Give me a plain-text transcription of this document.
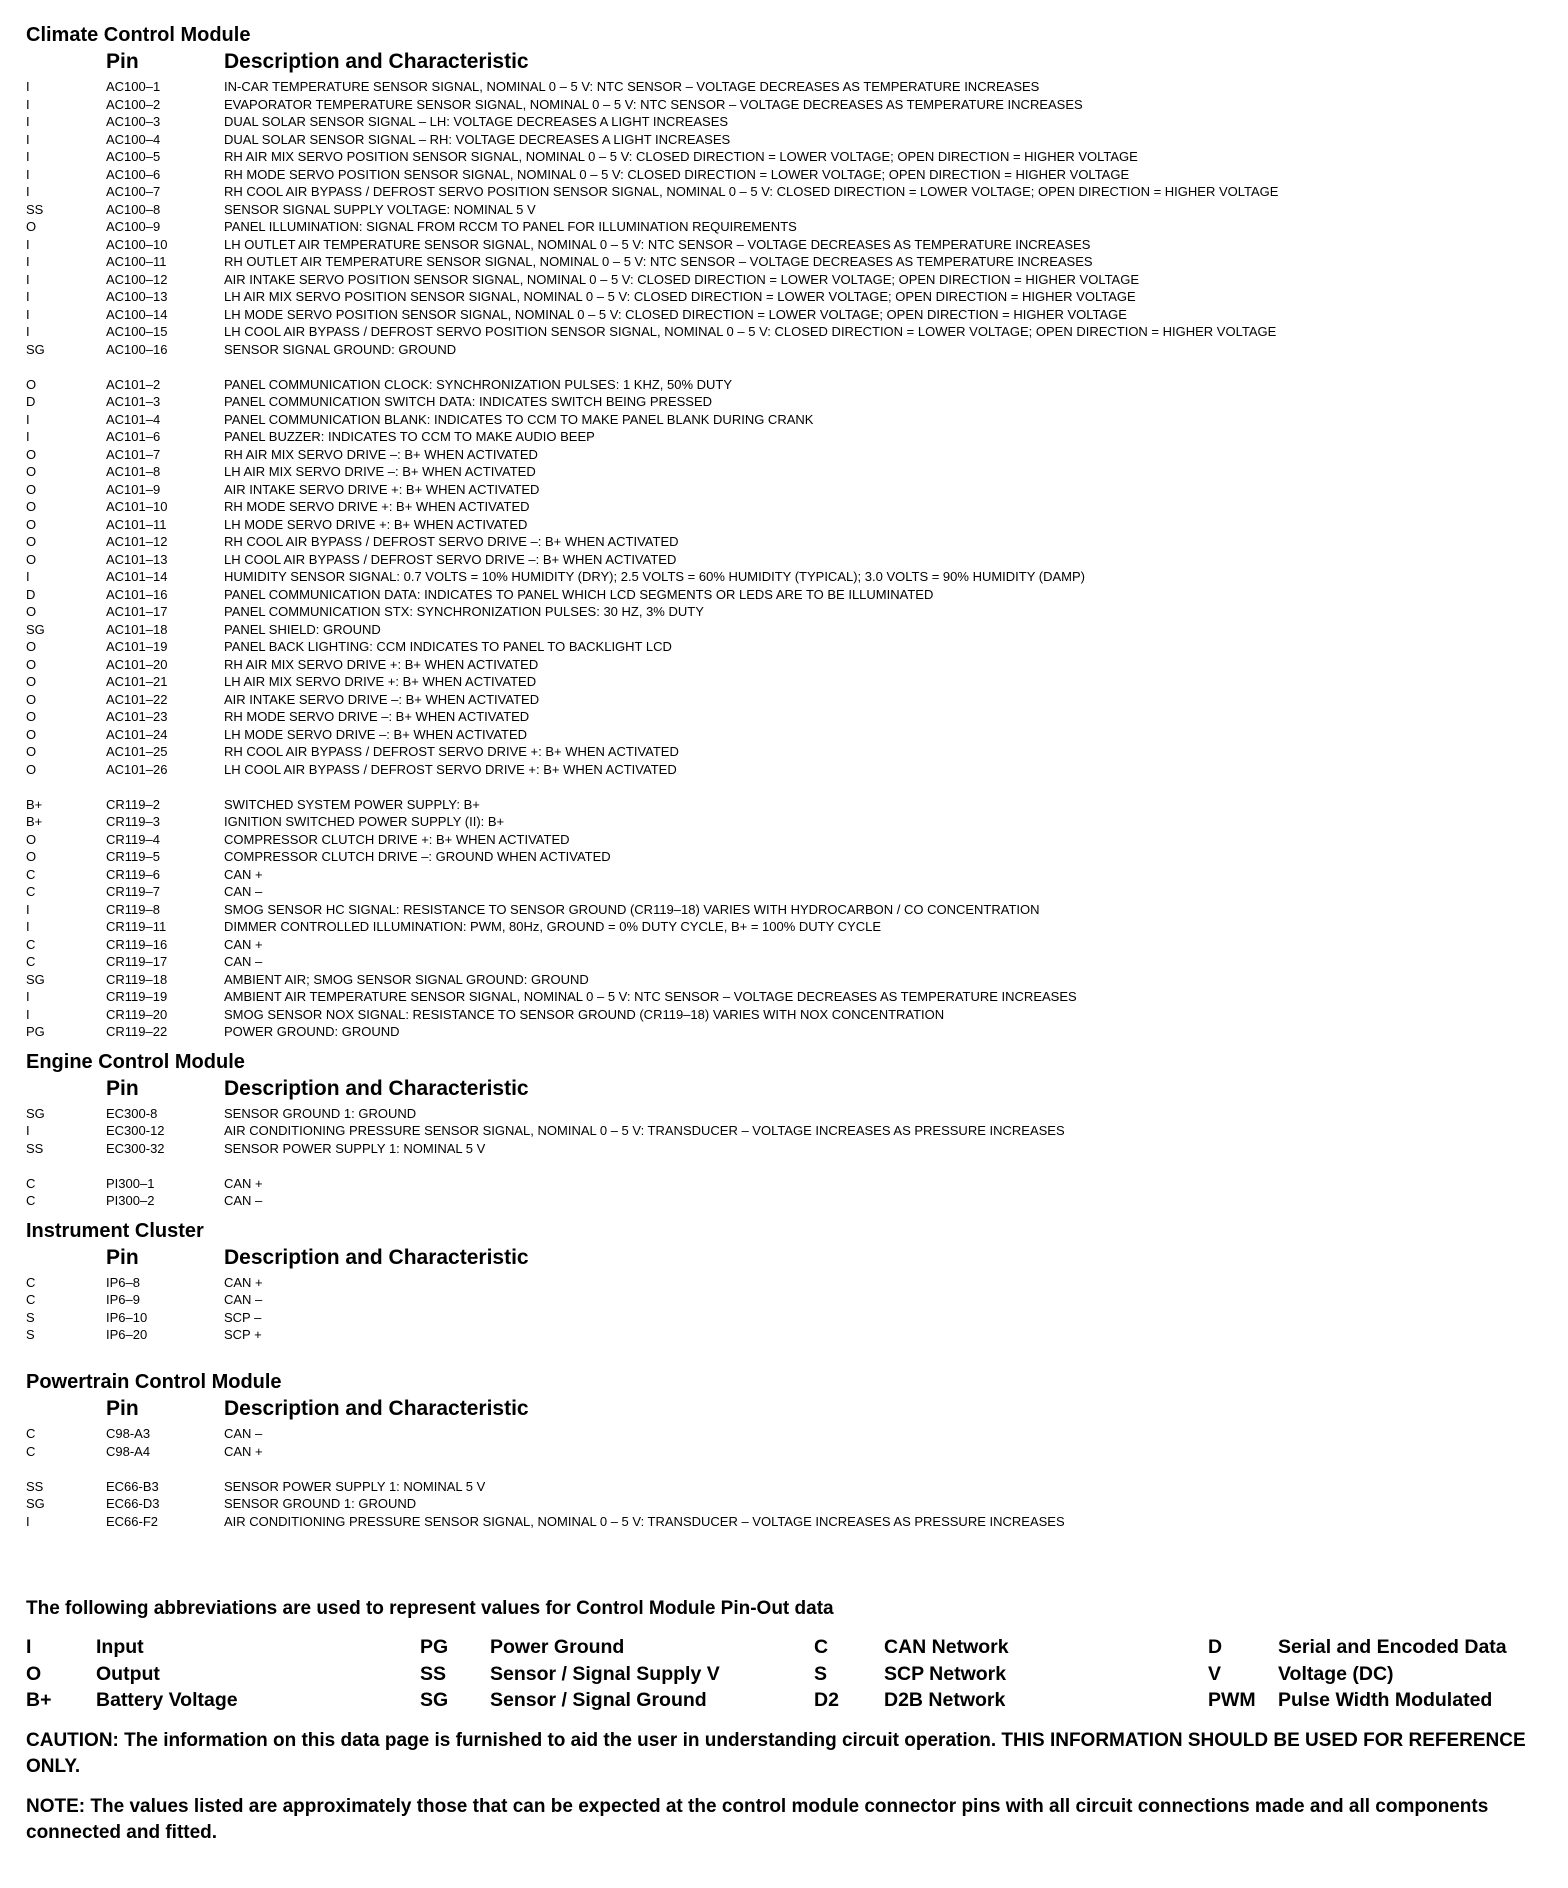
Climate Control Module
Pin	Description and Characteristic
I	AC100–1	IN-CAR TEMPERATURE SENSOR SIGNAL, NOMINAL 0 – 5 V: NTC SENSOR – VOLTAGE DECREASES AS TEMPERATURE INCREASES
I	AC100–2	EVAPORATOR TEMPERATURE SENSOR SIGNAL, NOMINAL 0 – 5 V: NTC SENSOR – VOLTAGE DECREASES AS TEMPERATURE INCREASES
I	AC100–3	DUAL SOLAR SENSOR SIGNAL – LH: VOLTAGE DECREASES A LIGHT INCREASES
I	AC100–4	DUAL SOLAR SENSOR SIGNAL – RH: VOLTAGE DECREASES A LIGHT INCREASES
I	AC100–5	RH AIR MIX SERVO POSITION SENSOR SIGNAL, NOMINAL 0 – 5 V: CLOSED DIRECTION = LOWER VOLTAGE; OPEN DIRECTION = HIGHER VOLTAGE
I	AC100–6	RH MODE SERVO POSITION SENSOR SIGNAL, NOMINAL 0 – 5 V: CLOSED DIRECTION = LOWER VOLTAGE; OPEN DIRECTION = HIGHER VOLTAGE
I	AC100–7	RH COOL AIR BYPASS / DEFROST SERVO POSITION SENSOR SIGNAL, NOMINAL 0 – 5 V: CLOSED DIRECTION = LOWER VOLTAGE; OPEN DIRECTION = HIGHER VOLTAGE
SS	AC100–8	SENSOR SIGNAL SUPPLY VOLTAGE: NOMINAL 5 V
O	AC100–9	PANEL ILLUMINATION: SIGNAL FROM RCCM TO PANEL FOR ILLUMINATION REQUIREMENTS
I	AC100–10	LH OUTLET AIR TEMPERATURE SENSOR SIGNAL, NOMINAL 0 – 5 V: NTC SENSOR – VOLTAGE DECREASES AS TEMPERATURE INCREASES
I	AC100–11	RH OUTLET AIR TEMPERATURE SENSOR SIGNAL, NOMINAL 0 – 5 V: NTC SENSOR – VOLTAGE DECREASES AS TEMPERATURE INCREASES
I	AC100–12	AIR INTAKE SERVO POSITION SENSOR SIGNAL, NOMINAL 0 – 5 V: CLOSED DIRECTION = LOWER VOLTAGE; OPEN DIRECTION = HIGHER VOLTAGE
I	AC100–13	LH AIR MIX SERVO POSITION SENSOR SIGNAL, NOMINAL 0 – 5 V: CLOSED DIRECTION = LOWER VOLTAGE; OPEN DIRECTION = HIGHER VOLTAGE
I	AC100–14	LH MODE SERVO POSITION SENSOR SIGNAL, NOMINAL 0 – 5 V: CLOSED DIRECTION = LOWER VOLTAGE; OPEN DIRECTION = HIGHER VOLTAGE
I	AC100–15	LH COOL AIR BYPASS / DEFROST SERVO POSITION SENSOR SIGNAL, NOMINAL 0 – 5 V: CLOSED DIRECTION = LOWER VOLTAGE; OPEN DIRECTION = HIGHER VOLTAGE
SG	AC100–16	SENSOR SIGNAL GROUND: GROUND
O	AC101–2	PANEL COMMUNICATION CLOCK: SYNCHRONIZATION PULSES: 1 KHZ, 50% DUTY
D	AC101–3	PANEL COMMUNICATION SWITCH DATA: INDICATES SWITCH BEING PRESSED
I	AC101–4	PANEL COMMUNICATION BLANK: INDICATES TO CCM TO MAKE PANEL BLANK DURING CRANK
I	AC101–6	PANEL BUZZER: INDICATES TO CCM TO MAKE AUDIO BEEP
O	AC101–7	RH AIR MIX SERVO DRIVE –: B+ WHEN ACTIVATED
O	AC101–8	LH AIR MIX SERVO DRIVE –: B+ WHEN ACTIVATED
O	AC101–9	AIR INTAKE SERVO DRIVE +: B+ WHEN ACTIVATED
O	AC101–10	RH MODE SERVO DRIVE +: B+ WHEN ACTIVATED
O	AC101–11	LH MODE SERVO DRIVE +: B+ WHEN ACTIVATED
O	AC101–12	RH COOL AIR BYPASS / DEFROST SERVO DRIVE –: B+ WHEN ACTIVATED
O	AC101–13	LH COOL AIR BYPASS / DEFROST SERVO DRIVE –: B+ WHEN ACTIVATED
I	AC101–14	HUMIDITY SENSOR SIGNAL: 0.7 VOLTS = 10% HUMIDITY (DRY); 2.5 VOLTS = 60% HUMIDITY (TYPICAL); 3.0 VOLTS = 90% HUMIDITY (DAMP)
D	AC101–16	PANEL COMMUNICATION DATA: INDICATES TO PANEL WHICH LCD SEGMENTS OR LEDS ARE TO BE ILLUMINATED
O	AC101–17	PANEL COMMUNICATION STX: SYNCHRONIZATION PULSES: 30 HZ, 3% DUTY
SG	AC101–18	PANEL SHIELD: GROUND
O	AC101–19	PANEL BACK LIGHTING: CCM INDICATES TO PANEL TO BACKLIGHT LCD
O	AC101–20	RH AIR MIX SERVO DRIVE +: B+ WHEN ACTIVATED
O	AC101–21	LH AIR MIX SERVO DRIVE +: B+ WHEN ACTIVATED
O	AC101–22	AIR INTAKE SERVO DRIVE –: B+ WHEN ACTIVATED
O	AC101–23	RH MODE SERVO DRIVE –: B+ WHEN ACTIVATED
O	AC101–24	LH MODE SERVO DRIVE –: B+ WHEN ACTIVATED
O	AC101–25	RH COOL AIR BYPASS / DEFROST SERVO DRIVE +: B+ WHEN ACTIVATED
O	AC101–26	LH COOL AIR BYPASS / DEFROST SERVO DRIVE +: B+ WHEN ACTIVATED
B+	CR119–2	SWITCHED SYSTEM POWER SUPPLY: B+
B+	CR119–3	IGNITION SWITCHED POWER SUPPLY (II): B+
O	CR119–4	COMPRESSOR CLUTCH DRIVE +: B+ WHEN ACTIVATED
O	CR119–5	COMPRESSOR CLUTCH DRIVE –: GROUND WHEN ACTIVATED
C	CR119–6	CAN +
C	CR119–7	CAN –
I	CR119–8	SMOG SENSOR HC SIGNAL: RESISTANCE TO SENSOR GROUND (CR119–18) VARIES WITH HYDROCARBON / CO CONCENTRATION
I	CR119–11	DIMMER CONTROLLED ILLUMINATION: PWM, 80Hz, GROUND = 0% DUTY CYCLE, B+ = 100% DUTY CYCLE
C	CR119–16	CAN +
C	CR119–17	CAN –
SG	CR119–18	AMBIENT AIR; SMOG SENSOR SIGNAL GROUND: GROUND
I	CR119–19	AMBIENT AIR TEMPERATURE SENSOR SIGNAL, NOMINAL 0 – 5 V: NTC SENSOR – VOLTAGE DECREASES AS TEMPERATURE INCREASES
I	CR119–20	SMOG SENSOR NOX SIGNAL: RESISTANCE TO SENSOR GROUND (CR119–18) VARIES WITH NOX CONCENTRATION
PG	CR119–22	POWER GROUND: GROUND
Engine Control Module
Pin	Description and Characteristic
SG	EC300-8	SENSOR GROUND 1: GROUND
I	EC300-12	AIR CONDITIONING PRESSURE SENSOR SIGNAL, NOMINAL 0 – 5 V: TRANSDUCER – VOLTAGE INCREASES AS PRESSURE INCREASES
SS	EC300-32	SENSOR POWER SUPPLY 1: NOMINAL 5 V
C	PI300–1	CAN +
C	PI300–2	CAN –
Instrument Cluster
Pin	Description and Characteristic
C	IP6–8	CAN +
C	IP6–9	CAN –
S	IP6–10	SCP –
S	IP6–20	SCP +
Powertrain Control Module
Pin	Description and Characteristic
C	C98-A3	CAN –
C	C98-A4	CAN +
SS	EC66-B3	SENSOR POWER SUPPLY 1: NOMINAL 5 V
SG	EC66-D3	SENSOR GROUND 1: GROUND
I	EC66-F2	AIR CONDITIONING PRESSURE SENSOR SIGNAL, NOMINAL 0 – 5 V: TRANSDUCER – VOLTAGE INCREASES AS PRESSURE INCREASES
The following abbreviations are used to represent values for Control Module Pin-Out data
I	Input	PG	Power Ground	C	CAN Network	D	Serial and Encoded Data
O	Output	SS	Sensor / Signal Supply V	S	SCP Network	V	Voltage (DC)
B+	Battery Voltage	SG	Sensor / Signal Ground	D2	D2B Network	PWM	Pulse Width Modulated
CAUTION: The information on this data page is furnished to aid the user in understanding circuit operation. THIS INFORMATION SHOULD BE USED FOR REFERENCE ONLY.
NOTE: The values listed are approximately those that can be expected at the control module connector pins with all circuit connections made and all components connected and fitted.
